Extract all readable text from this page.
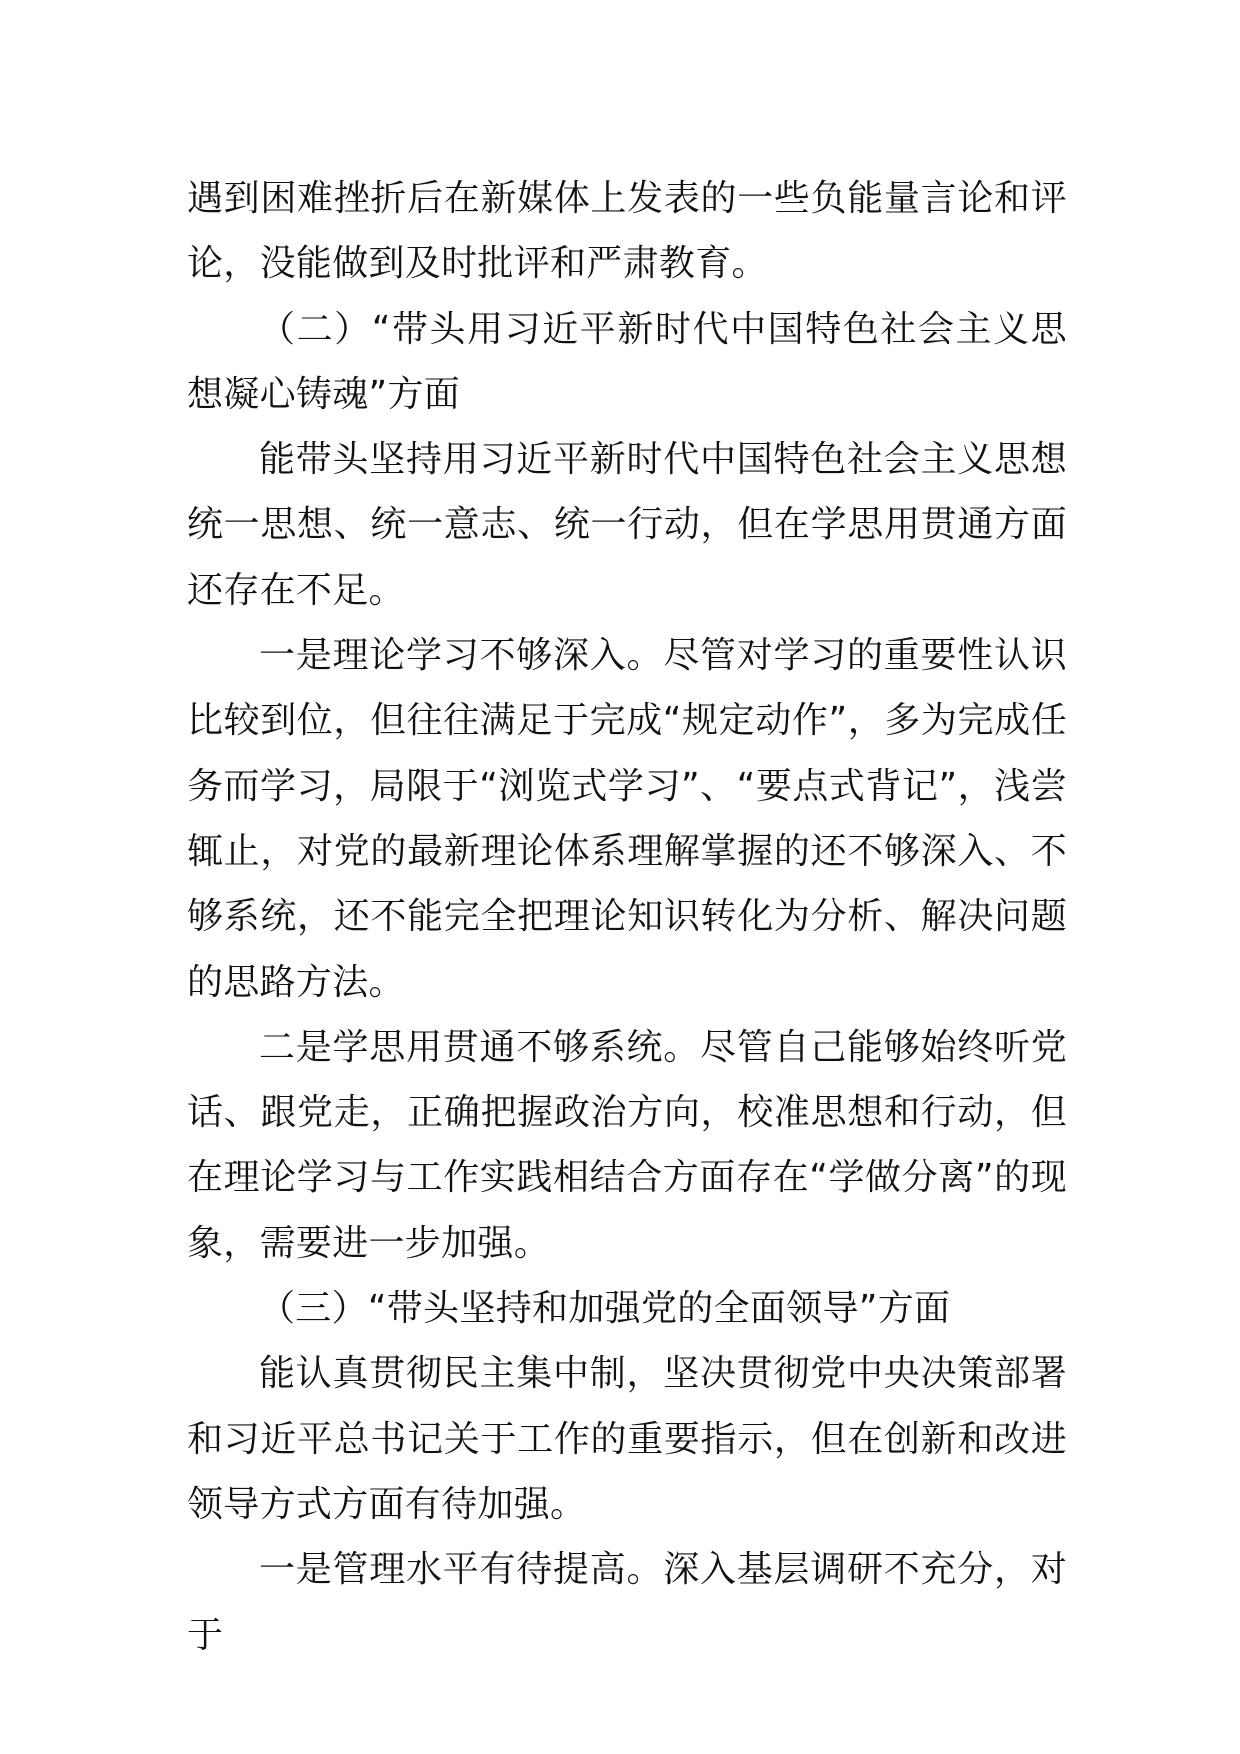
遇到困难挫折后在新媒体上发表的一些负能量言论和评论，没能做到及时批评和严肃教育。

（二）“带头用习近平新时代中国特色社会主义思想凝心铸魂”方面

能带头坚持用习近平新时代中国特色社会主义思想统一思想、统一意志、统一行动，但在学思用贯通方面还存在不足。

一是理论学习不够深入。尽管对学习的重要性认识比较到位，但往往满足于完成“规定动作”，多为完成任务而学习，局限于“浏览式学习”、“要点式背记”，浅尝辄止，对党的最新理论体系理解掌握的还不够深入、不够系统，还不能完全把理论知识转化为分析、解决问题的思路方法。

二是学思用贯通不够系统。尽管自己能够始终听党话、跟党走，正确把握政治方向，校准思想和行动，但在理论学习与工作实践相结合方面存在“学做分离”的现象，需要进一步加强。

（三）“带头坚持和加强党的全面领导”方面

能认真贯彻民主集中制，坚决贯彻党中央决策部署和习近平总书记关于工作的重要指示，但在创新和改进领导方式方面有待加强。

一是管理水平有待提高。深入基层调研不充分，对于
